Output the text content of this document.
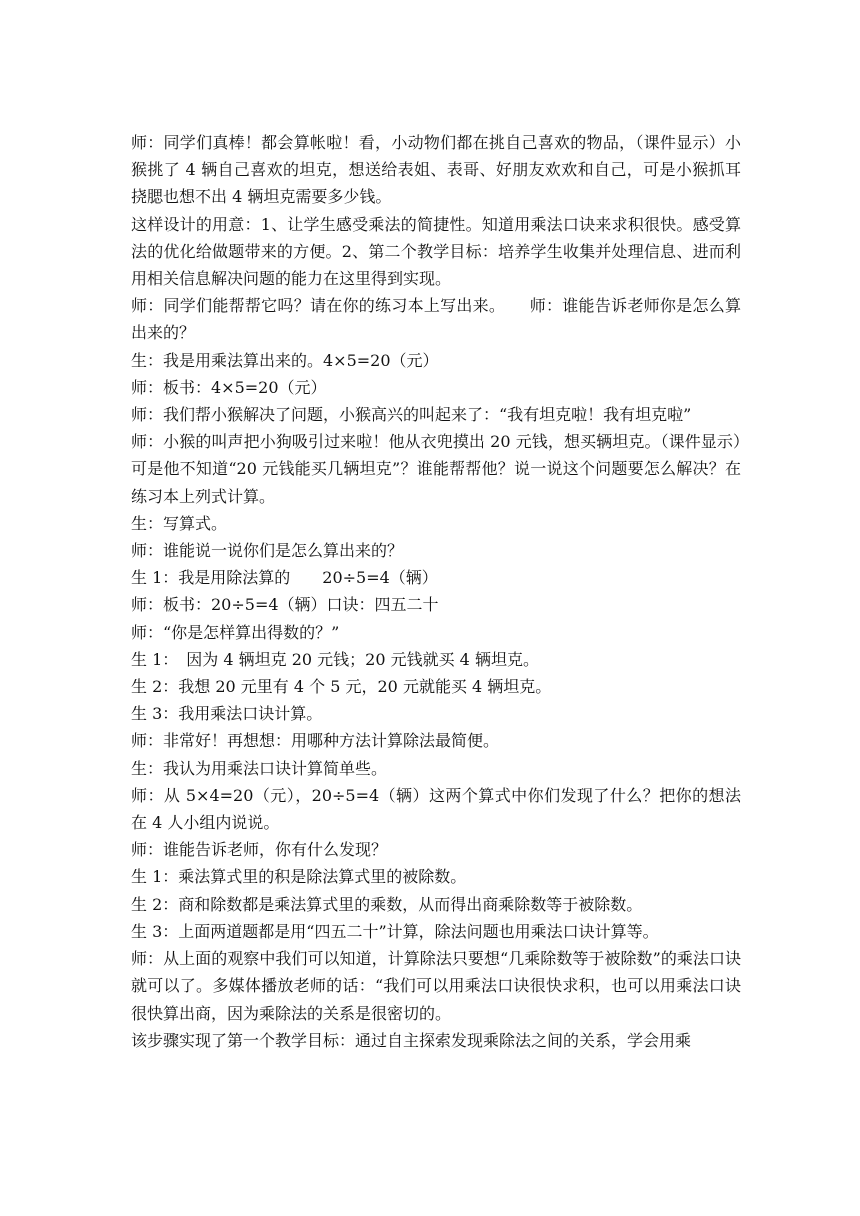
师：同学们真棒！都会算帐啦！看，小动物们都在挑自己喜欢的物品，（课件显示）小猴挑了 4 辆自己喜欢的坦克，想送给表姐、表哥、好朋友欢欢和自己，可是小猴抓耳挠腮也想不出 4 辆坦克需要多少钱。

这样设计的用意：1、让学生感受乘法的简捷性。知道用乘法口诀来求积很快。感受算法的优化给做题带来的方便。2、第二个教学目标：培养学生收集并处理信息、进而利用相关信息解决问题的能力在这里得到实现。

师：同学们能帮帮它吗？请在你的练习本上写出来。　　师：谁能告诉老师你是怎么算出来的？

生：我是用乘法算出来的。4×5=20（元）

师：板书：4×5=20（元）

师：我们帮小猴解决了问题，小猴高兴的叫起来了：“我有坦克啦！我有坦克啦”

师：小猴的叫声把小狗吸引过来啦！他从衣兜摸出 20 元钱，想买辆坦克。（课件显示）可是他不知道“20 元钱能买几辆坦克”？谁能帮帮他？说一说这个问题要怎么解决？在练习本上列式计算。

生：写算式。

师：谁能说一说你们是怎么算出来的？

生 1：我是用除法算的　　20÷5=4（辆）

师：板书：20÷5=4（辆）口诀：四五二十

师：“你是怎样算出得数的？”

生 1：　因为 4 辆坦克 20 元钱；20 元钱就买 4 辆坦克。

生 2：我想 20 元里有 4 个 5 元，20 元就能买 4 辆坦克。

生 3：我用乘法口诀计算。

师：非常好！再想想：用哪种方法计算除法最简便。

生：我认为用乘法口诀计算简单些。

师：从 5×4=20（元），20÷5=4（辆）这两个算式中你们发现了什么？把你的想法在 4 人小组内说说。

师：谁能告诉老师，你有什么发现？

生 1：乘法算式里的积是除法算式里的被除数。

生 2：商和除数都是乘法算式里的乘数，从而得出商乘除数等于被除数。

生 3：上面两道题都是用“四五二十”计算，除法问题也用乘法口诀计算等。

师：从上面的观察中我们可以知道，计算除法只要想“几乘除数等于被除数”的乘法口诀就可以了。多媒体播放老师的话：“我们可以用乘法口诀很快求积，也可以用乘法口诀很快算出商，因为乘除法的关系是很密切的。

该步骤实现了第一个教学目标：通过自主探索发现乘除法之间的关系，学会用乘
